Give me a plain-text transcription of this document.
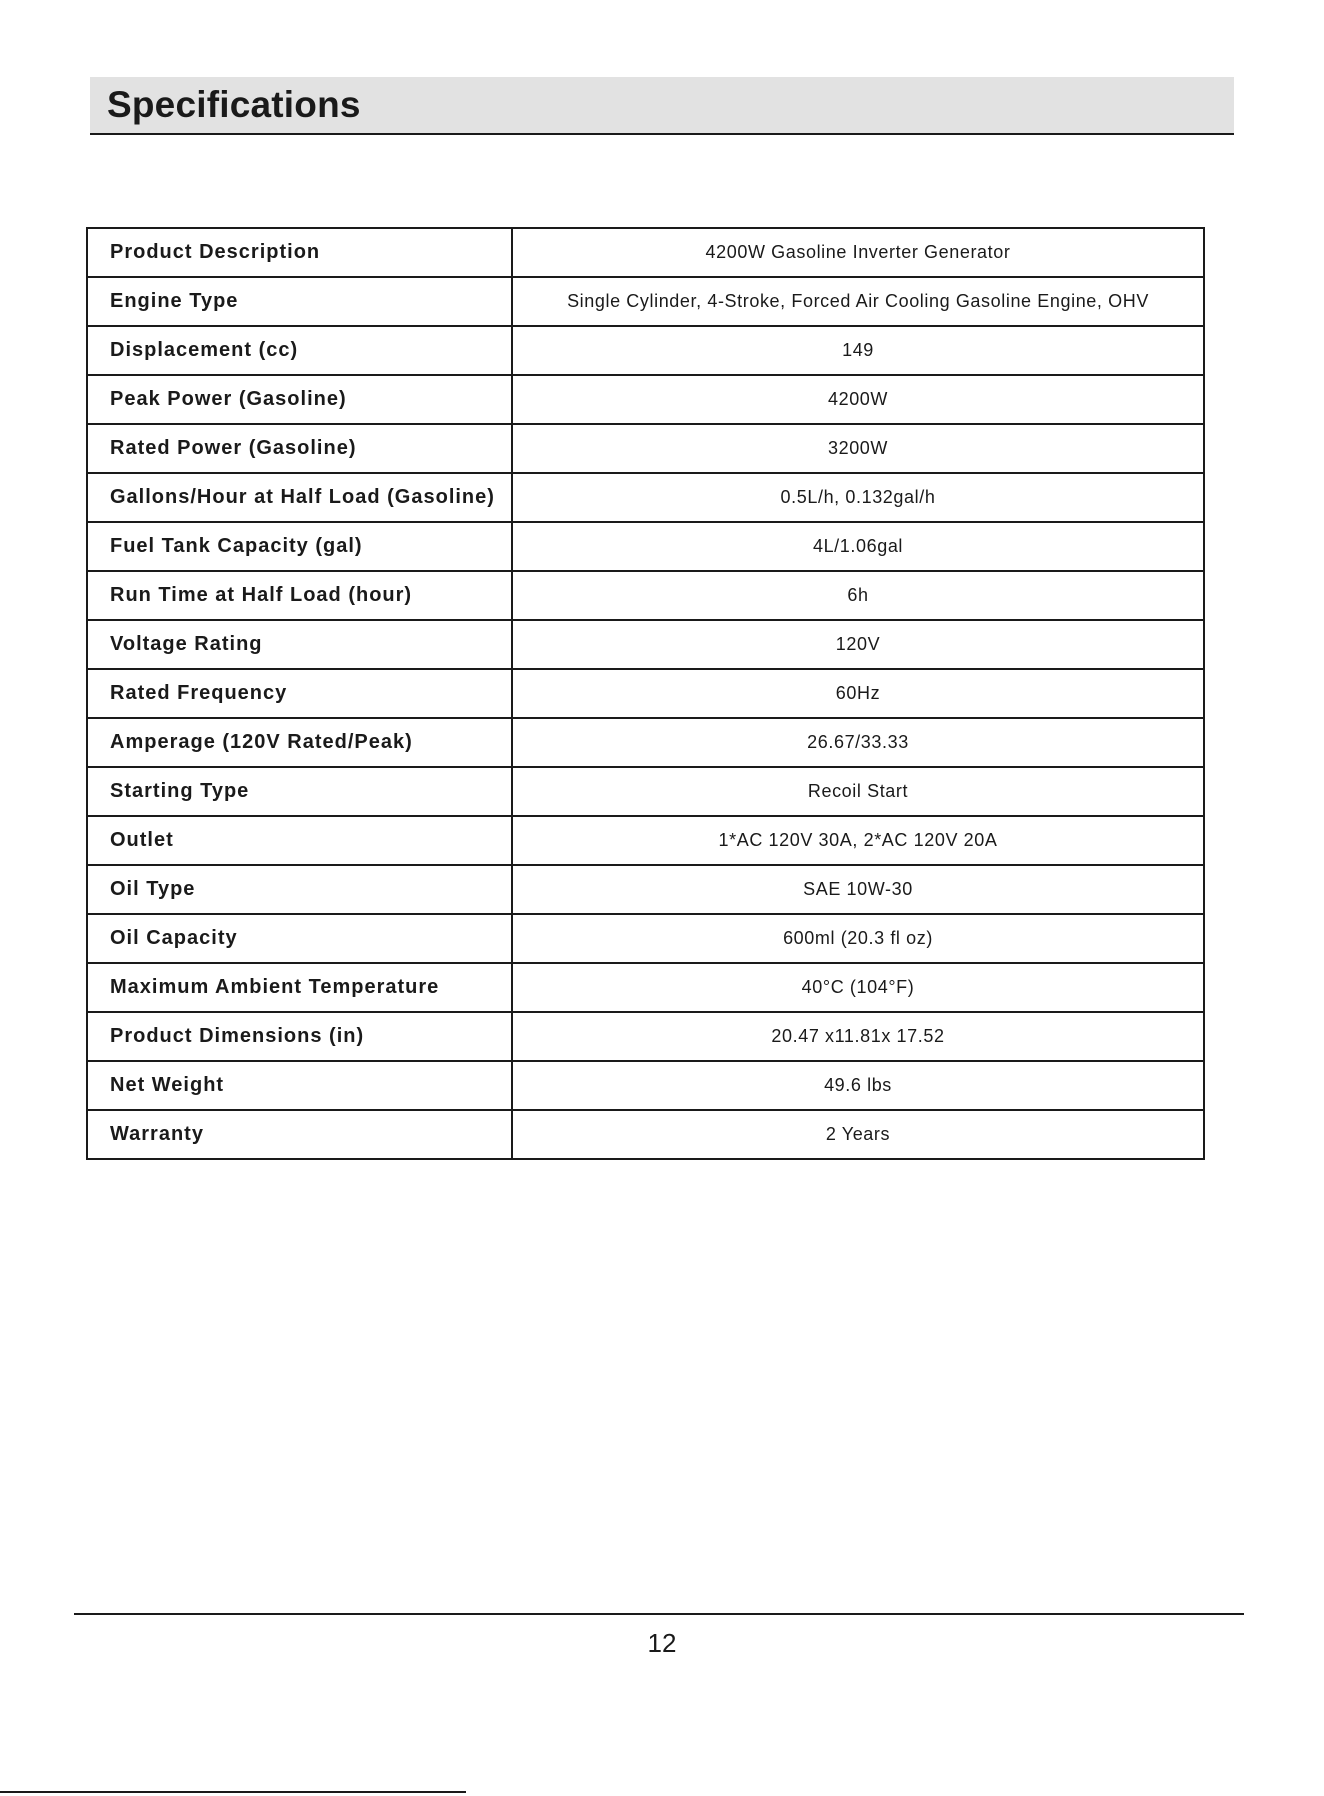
Specifications
Product Description	4200W Gasoline Inverter Generator
Engine Type	Single Cylinder, 4-Stroke, Forced Air Cooling Gasoline Engine, OHV
Displacement (cc)	149
Peak Power (Gasoline)	4200W
Rated Power (Gasoline)	3200W
Gallons/Hour at Half Load (Gasoline)	0.5L/h, 0.132gal/h
Fuel Tank Capacity (gal)	4L/1.06gal
Run Time at Half Load (hour)	6h
Voltage Rating	120V
Rated Frequency	60Hz
Amperage (120V Rated/Peak)	26.67/33.33
Starting Type	Recoil Start
Outlet	1*AC 120V 30A, 2*AC 120V 20A
Oil Type	SAE 10W-30
Oil Capacity	600ml (20.3 fl oz)
Maximum Ambient Temperature	40°C (104°F)
Product Dimensions (in)	20.47 x11.81x 17.52
Net Weight	49.6 lbs
Warranty	2 Years
12
